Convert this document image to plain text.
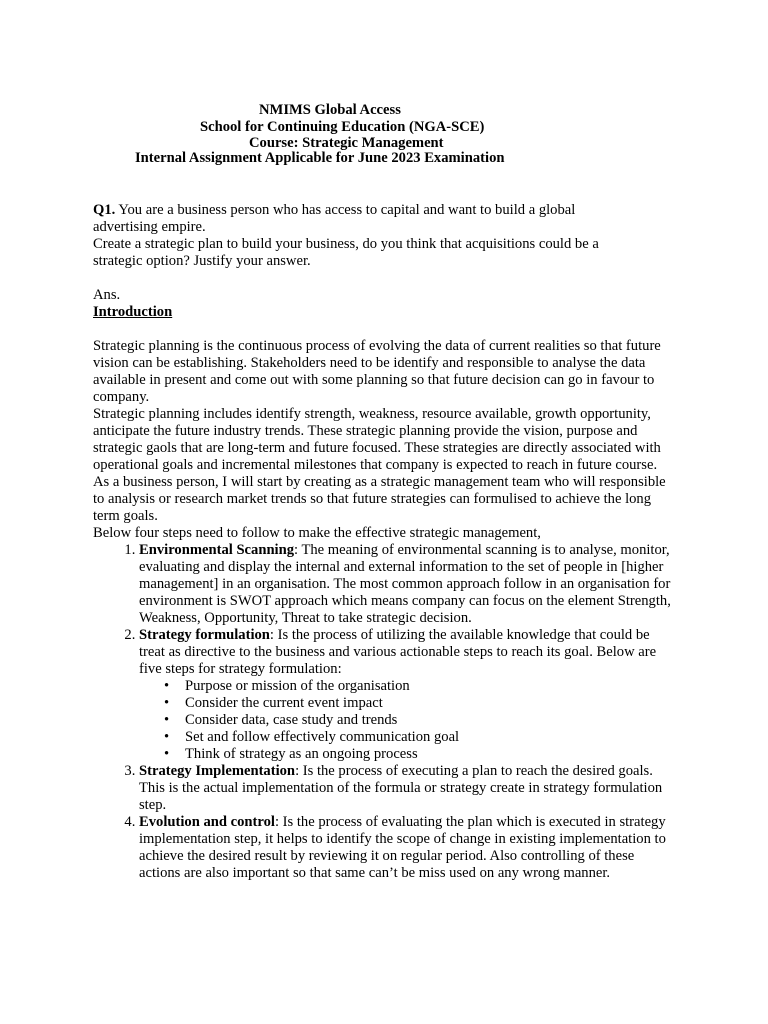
NMIMS Global Access
School for Continuing Education (NGA-SCE)
Course: Strategic Management
Internal Assignment Applicable for June 2023 Examination

Q1. You are a business person who has access to capital and want to build a global advertising empire.

Create a strategic plan to build your business, do you think that acquisitions could be a strategic option? Justify your answer.

Ans.

Introduction

Strategic planning is the continuous process of evolving the data of current realities so that future vision can be establishing. Stakeholders need to be identify and responsible to analyse the data available in present and come out with some planning so that future decision can go in favour to company.

Strategic planning includes identify strength, weakness, resource available, growth opportunity, anticipate the future industry trends. These strategic planning provide the vision, purpose and strategic gaols that are long-term and future focused. These strategies are directly associated with operational goals and incremental milestones that company is expected to reach in future course.

As a business person, I will start by creating as a strategic management team who will responsible to analysis or research market trends so that future strategies can formulised to achieve the long term goals.

Below four steps need to follow to make the effective strategic management,

1. Environmental Scanning: The meaning of environmental scanning is to analyse, monitor, evaluating and display the internal and external information to the set of people in [higher management] in an organisation. The most common approach follow in an organisation for environment is SWOT approach which means company can focus on the element Strength, Weakness, Opportunity, Threat to take strategic decision.
2. Strategy formulation: Is the process of utilizing the available knowledge that could be treat as directive to the business and various actionable steps to reach its goal. Below are five steps for strategy formulation:
• Purpose or mission of the organisation
• Consider the current event impact
• Consider data, case study and trends
• Set and follow effectively communication goal
• Think of strategy as an ongoing process
3. Strategy Implementation: Is the process of executing a plan to reach the desired goals. This is the actual implementation of the formula or strategy create in strategy formulation step.
4. Evolution and control: Is the process of evaluating the plan which is executed in strategy implementation step, it helps to identify the scope of change in existing implementation to achieve the desired result by reviewing it on regular period. Also controlling of these actions are also important so that same can’t be miss used on any wrong manner.
